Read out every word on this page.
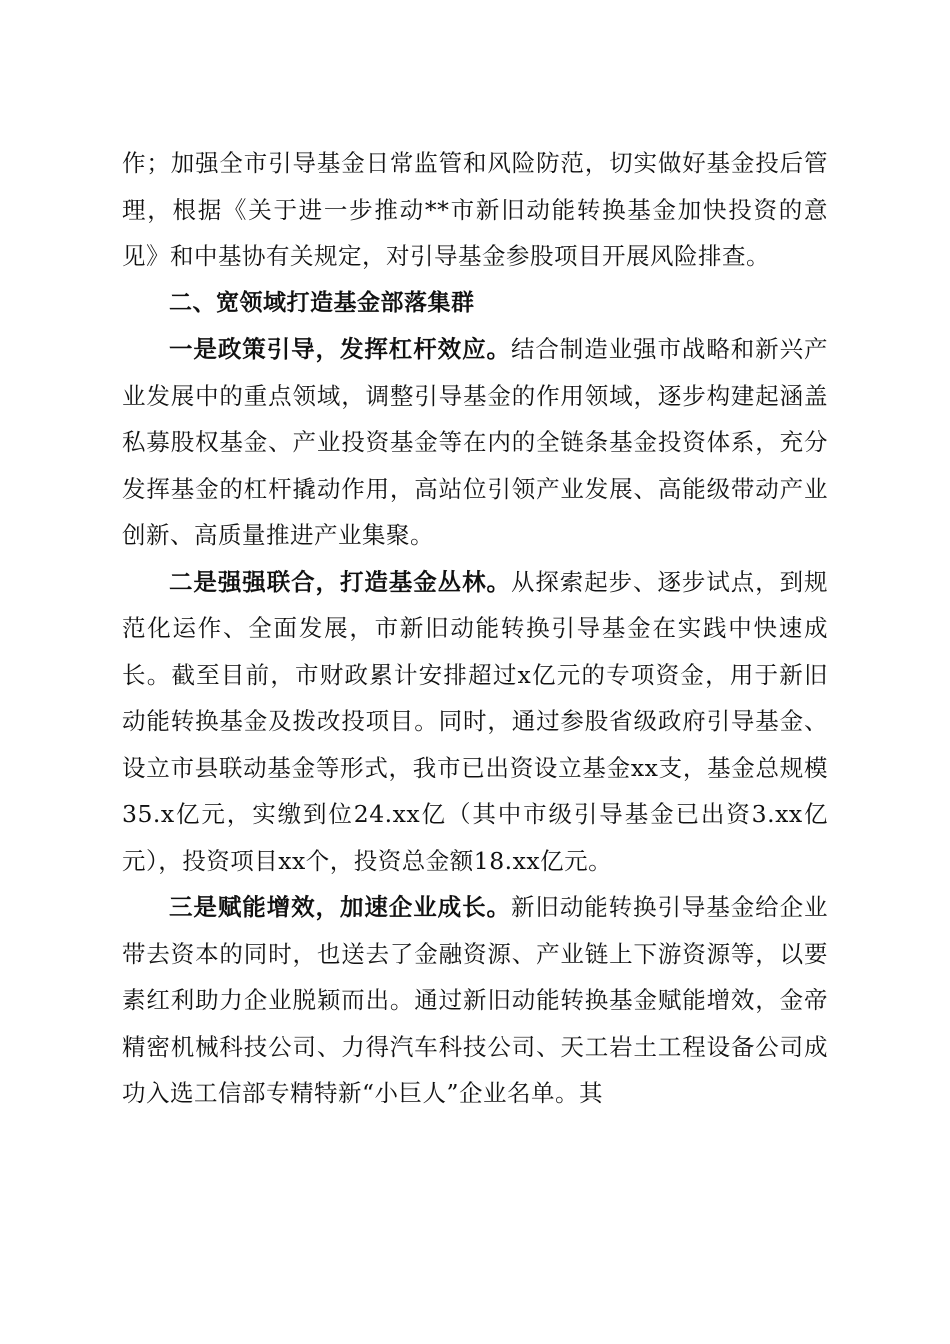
作；加强全市引导基金日常监管和风险防范，切实做好基金投后管理，根据《关于进一步推动**市新旧动能转换基金加快投资的意见》和中基协有关规定，对引导基金参股项目开展风险排查。

二、宽领域打造基金部落集群

一是政策引导，发挥杠杆效应。结合制造业强市战略和新兴产业发展中的重点领域，调整引导基金的作用领域，逐步构建起涵盖私募股权基金、产业投资基金等在内的全链条基金投资体系，充分发挥基金的杠杆撬动作用，高站位引领产业发展、高能级带动产业创新、高质量推进产业集聚。

二是强强联合，打造基金丛林。从探索起步、逐步试点，到规范化运作、全面发展，市新旧动能转换引导基金在实践中快速成长。截至目前，市财政累计安排超过x亿元的专项资金，用于新旧动能转换基金及拨改投项目。同时，通过参股省级政府引导基金、设立市县联动基金等形式，我市已出资设立基金xx支，基金总规模35.x亿元，实缴到位24.xx亿（其中市级引导基金已出资3.xx亿元），投资项目xx个，投资总金额18.xx亿元。

三是赋能增效，加速企业成长。新旧动能转换引导基金给企业带去资本的同时，也送去了金融资源、产业链上下游资源等，以要素红利助力企业脱颖而出。通过新旧动能转换基金赋能增效，金帝精密机械科技公司、力得汽车科技公司、天工岩土工程设备公司成功入选工信部专精特新“小巨人”企业名单。其
